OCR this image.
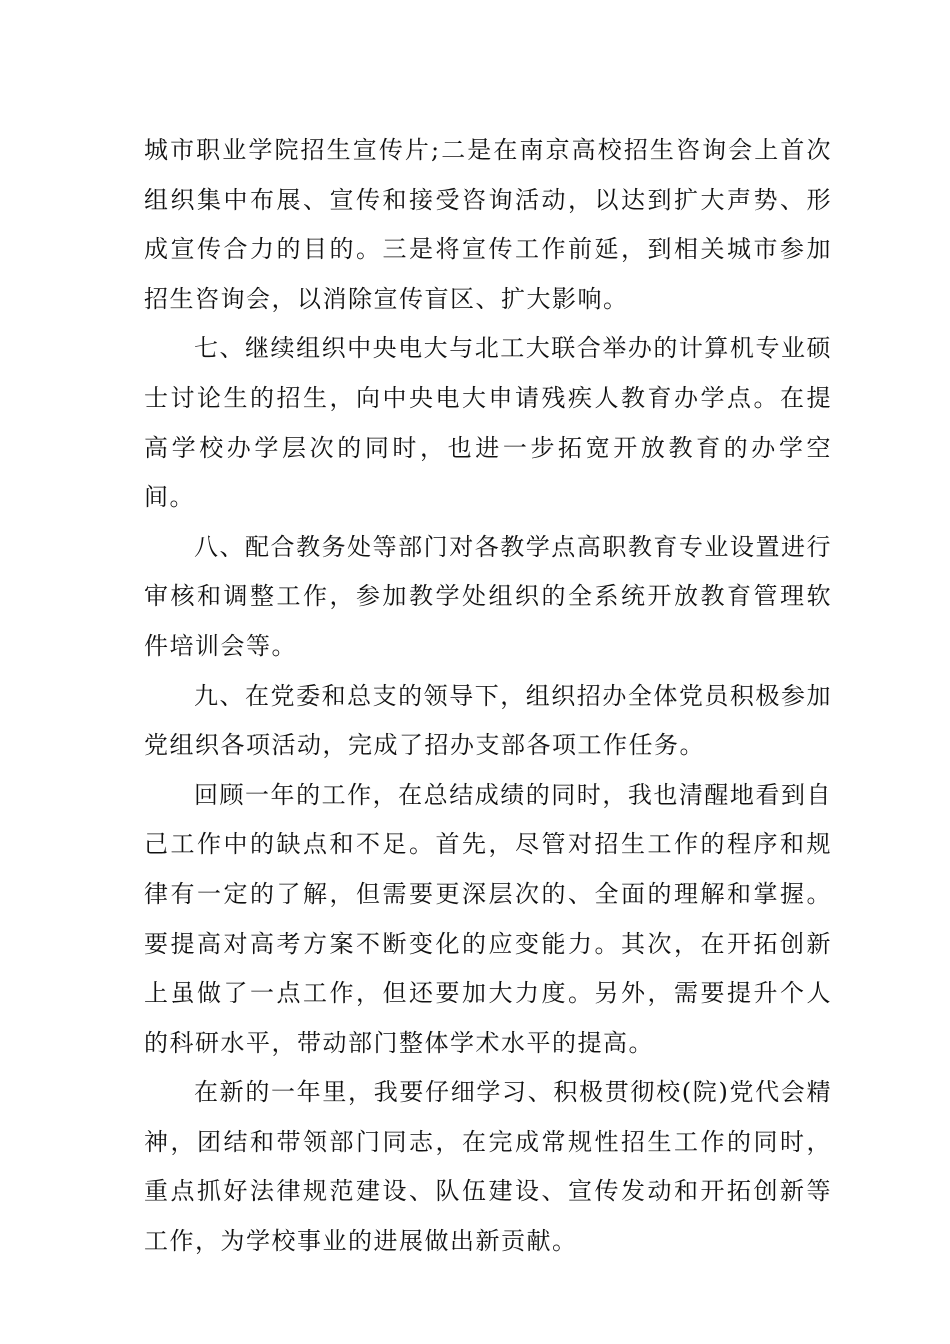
城市职业学院招生宣传片;二是在南京高校招生咨询会上首次组织集中布展、宣传和接受咨询活动，以达到扩大声势、形成宣传合力的目的。三是将宣传工作前延，到相关城市参加招生咨询会，以消除宣传盲区、扩大影响。

七、继续组织中央电大与北工大联合举办的计算机专业硕士讨论生的招生，向中央电大申请残疾人教育办学点。在提高学校办学层次的同时，也进一步拓宽开放教育的办学空间。

八、配合教务处等部门对各教学点高职教育专业设置进行审核和调整工作，参加教学处组织的全系统开放教育管理软件培训会等。

九、在党委和总支的领导下，组织招办全体党员积极参加党组织各项活动，完成了招办支部各项工作任务。

回顾一年的工作，在总结成绩的同时，我也清醒地看到自己工作中的缺点和不足。首先，尽管对招生工作的程序和规律有一定的了解，但需要更深层次的、全面的理解和掌握。要提高对高考方案不断变化的应变能力。其次，在开拓创新上虽做了一点工作，但还要加大力度。另外，需要提升个人的科研水平，带动部门整体学术水平的提高。

在新的一年里，我要仔细学习、积极贯彻校(院)党代会精神，团结和带领部门同志，在完成常规性招生工作的同时，重点抓好法律规范建设、队伍建设、宣传发动和开拓创新等工作，为学校事业的进展做出新贡献。
